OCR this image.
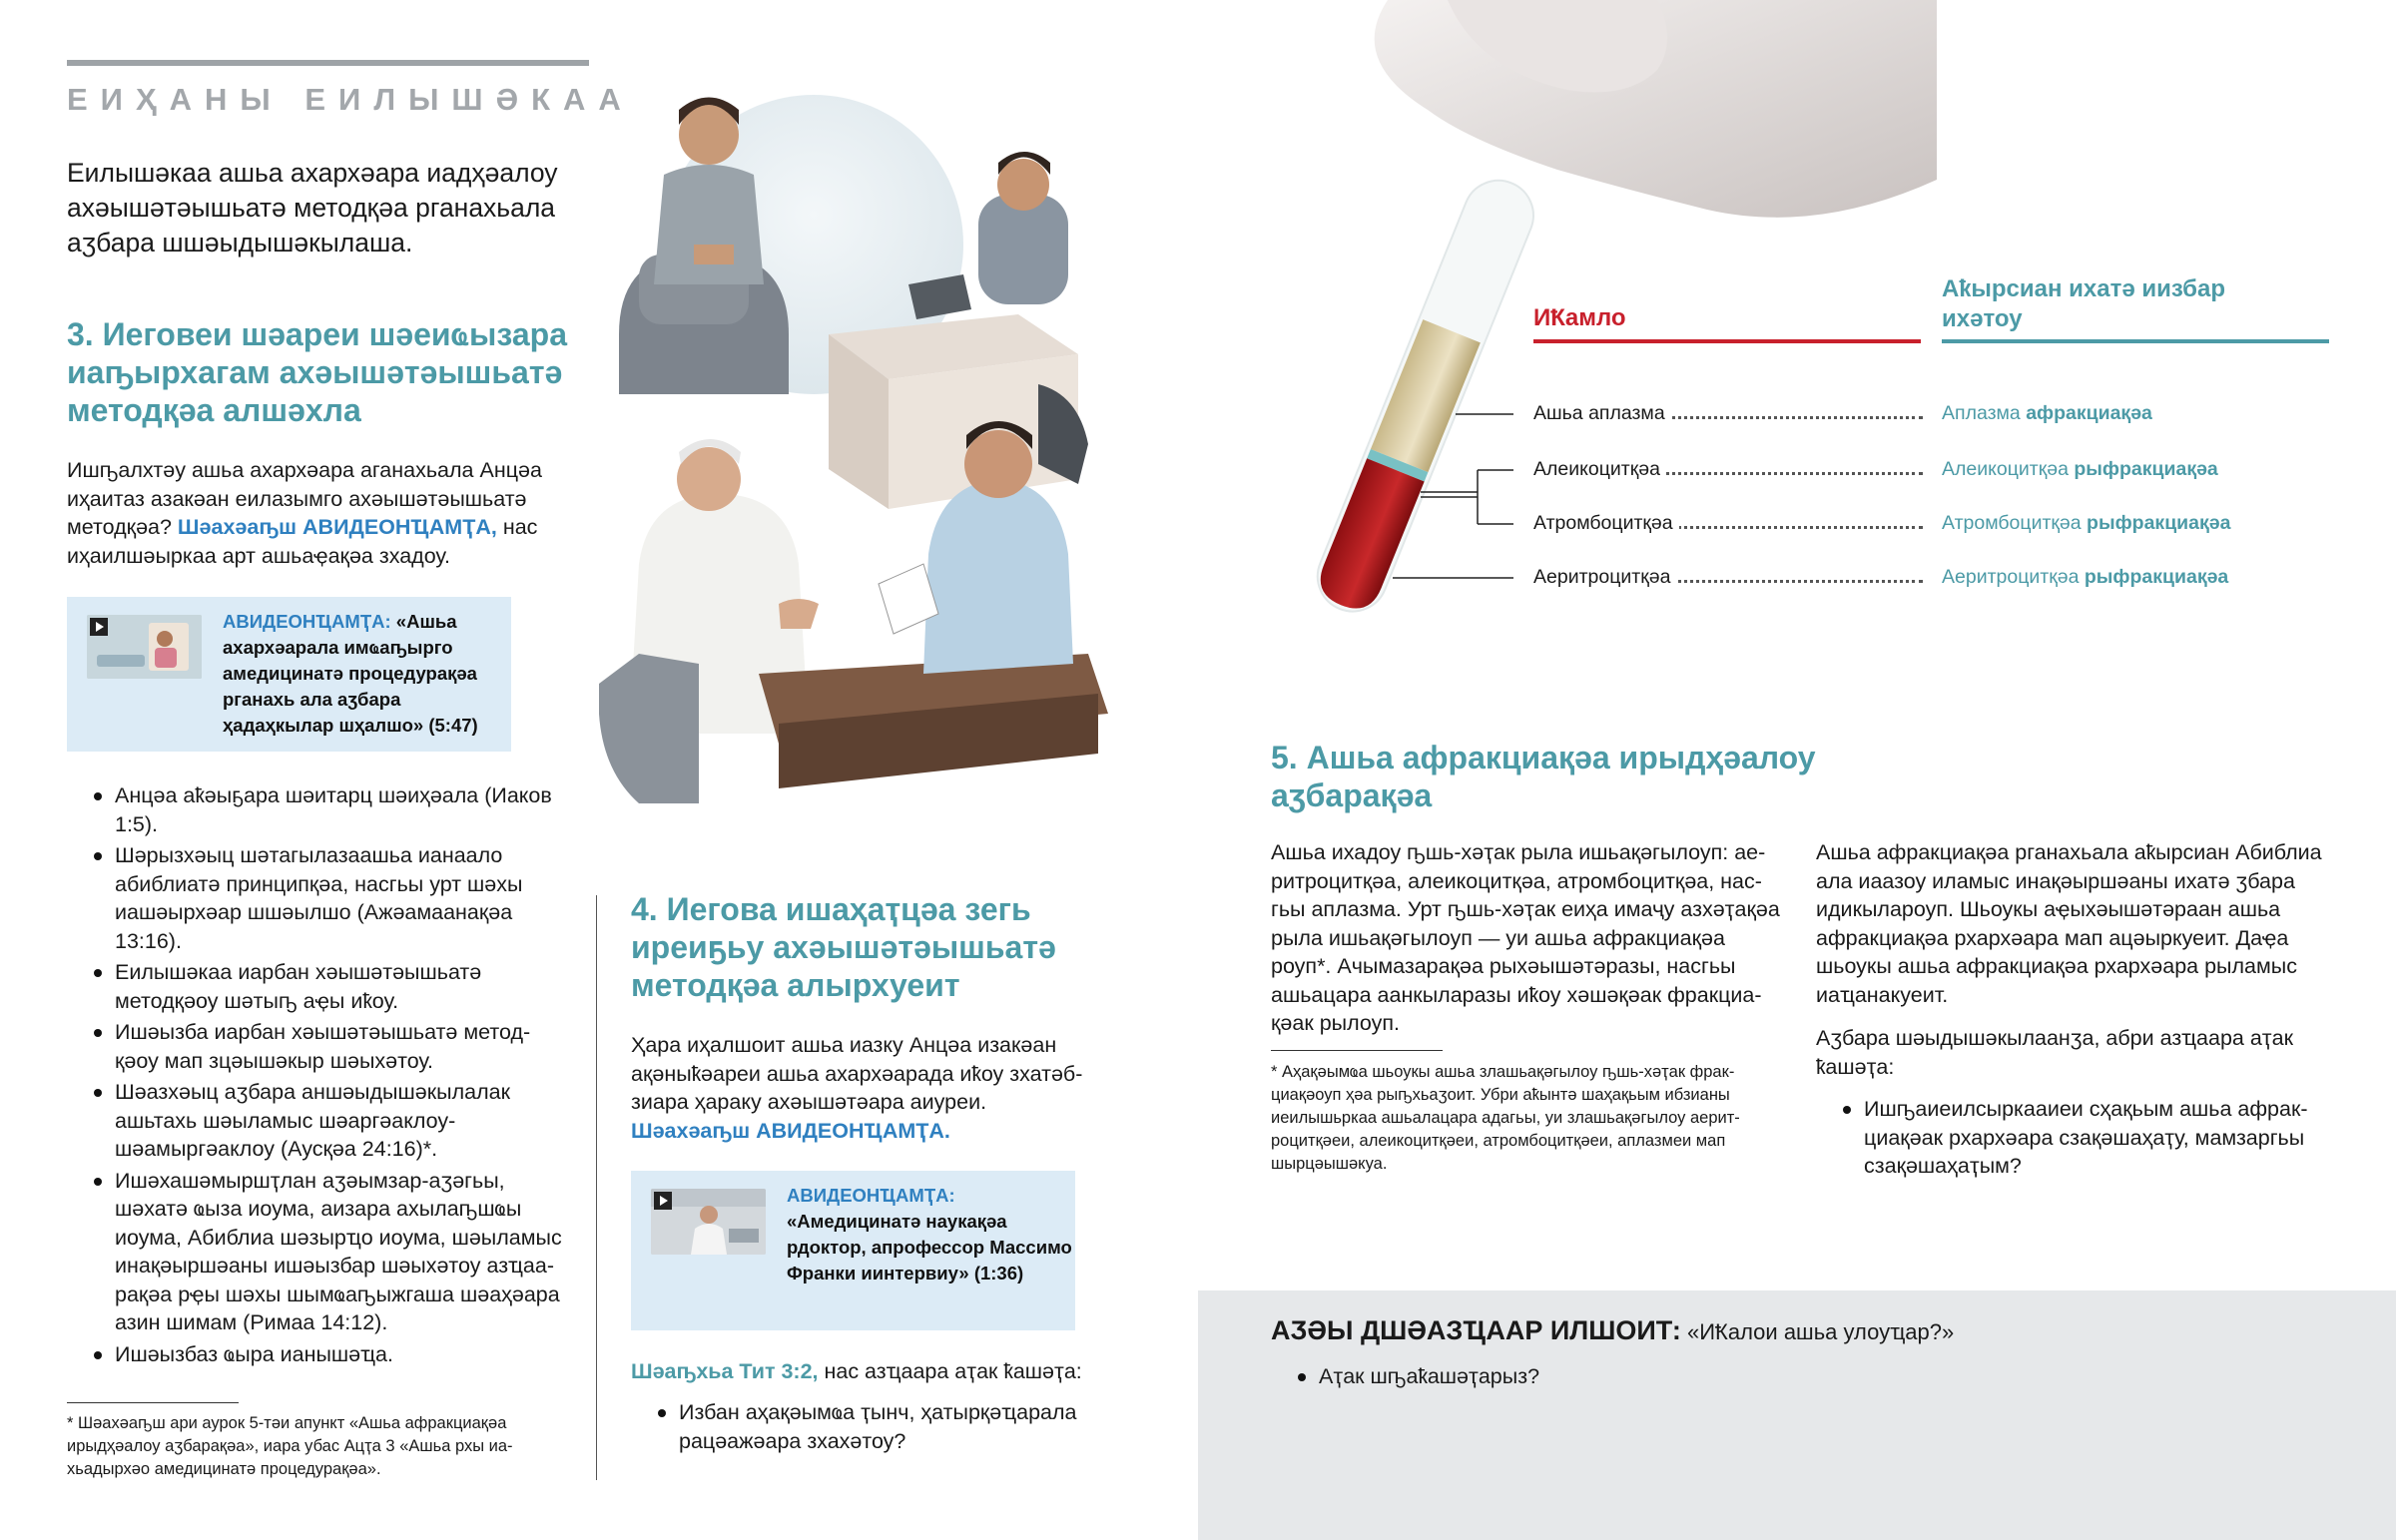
ЕИҲАНЫ ЕИЛЫШӘКАА
Еилышәкаа ашьа ахархәара иадҳәалоу ахәышәтәышьатә методқәа рганахьала аӡбара шшәыдышәкылаша.
3. Иеговеи шәареи шәеиҩызара иаҧырхагам ахәышәтәышьатә методқәа алшәхла
Ишҧалхтәу ашьа ахархәара аганахьала Анцәа иҳаитаз азакәан еилазымго ахәышәтәышьатә методқәа? Шәахәаҧш АВИДЕОНҴАМҬА, нас иҳаилшәыркаа арт ашьаҿақәа зхадоу.
АВИДЕОНҴАМҬА: «Ашьа ахархәарала имҩаҧырго амедицинатә процедурақәа рганахь ала аӡбара ҳадаҳкылар шҳалшо» (5:47)
Анцәа аҟәыҕара шәитарц шәиҳәала (Иаков 1:5).
Шәрызхәыц шәтагылазаашьа ианаало абиблиатә принципқәа, насгьы урт шәхы иашәырхәар шшәылшо (Ажәамаанақәа 13:16).
Еилышәкаа иарбан хәышәтәышьатә методқәоу шәтыҧ аҿы иҟоу.
Ишәызба иарбан хәышәтәышьатә методқәоу мап зцәышәкыр шәыхәтоу.
Шәазхәыц аӡбара аншәыдышәкылалак ашьтахь шәыламыс шәаргәаклоу-шәамыргәаклоу (Аусқәа 24:16)*.
Ишәхашәмыршҭлан аӡәымзар-аӡәгьы, шәхатә ҩыза иоума, аизара ахылаҧшҩы иоума, Абиблиа шәзырҵо иоума, шәыламыс инақәыршәаны ишәызбар шәыхәтоу азҵаарақәа рҿы шәхы шымҩаҧыжгаша шәаҳәара азин шимам (Римаа 14:12).
Ишәызбаз ҩыра ианышәҵа.
* Шәахәаҧш ари аурок 5-тәи апункт «Ашьа афракциақәа ирыдҳәалоу аӡбарақәа», иара убас Ацҭа 3 «Ашьа рхы иахьадырхәо амедицинатә процедурақәа».
4. Иегова ишаҳаҭцәа зегь иреиҕьу ахәышәтәышьатә методқәа алырхуеит
Ҳара иҳалшоит ашьа иазку Анцәа изакәан ақәныҟәареи ашьа ахархәарада иҟоу зхатәбзиара ҳараку ахәышәтәара аиуреи. Шәахәаҧш АВИДЕОНҴАМҬА.
АВИДЕОНҴАМҬА:
«Амедицинатә наукақәа рдоктор, апрофессор Массимо Франки иинтервиу» (1:36)
Шәаҧхьа Тит 3:2, нас азҵаара аҭак ҟашәҭа:
Избан аҳақәымҩа ҭынч, ҳатырқәҵарала рацәажәара зхахәтоу?
ИҞамло
Аҟырсиан ихатә иизбар ихәтоу
Ашьа аплазма	Аплазма афракциақәа
Алеикоцитқәа	Алеикоцитқәа рыфракциақәа
Атромбоцитқәа	Атромбоцитқәа рыфракциақәа
Аеритроцитқәа	Аеритроцитқәа рыфракциақәа
5. Ашьа афракциақәа ирыдҳәалоу аӡбарақәа
Ашьа ихадоу ҧшь-хәҭак рыла ишьақәгылоуп: аеритроцитқәа, алеикоцитқәа, атромбоцитқәа, насгьы аплазма. Урт ҧшь-хәҭак еиҳа имаҷу азхәҭақәа рыла ишьақәгылоуп — уи ашьа афракциақәа роуп*. Ачымазарақәа рыхәышәтәразы, насгьы ашьацара аанкыларазы иҟоу хәшәқәак фракциақәак рылоуп.
* Аҳақәымҩа шьоукы ашьа злашьақәгылоу ҧшь-хәҭак фракциақәоуп ҳәа рыҧхьаӡоит. Убри аҟынтә шаҳақьым ибзианы иеилышьркаа ашьалацара адагьы, уи злашьақәгылоу аеритроцитқәеи, алеикоцитқәеи, атромбоцитқәеи, аплазмеи мап шырцәышәкуа.
Ашьа афракциақәа рганахьала аҟырсиан Абиблиа ала иаазоу иламыс инақәыршәаны ихатә ӡбара идикылароуп. Шьоукы аҿыхәышәтәраан ашьа афракциақәа рхархәара мап ацәыркуеит. Даҿа шьоукы ашьа афракциақәа рхархәара рыламыс иаҵанакуеит.
Аӡбара шәыдышәкылаанӡа, абри азҵаара аҭак ҟашәҭа:
Ишҧаиеилсыркааиеи сҳақьым ашьа афракциақәак рхархәара сзақәшаҳаҭу, мамзаргьы сзақәшаҳаҭым?
АӠӘЫ ДШӘАЗҴААР ИЛШОИТ: «ИҞалои ашьа улоуҵар?»
Аҭак шҧаҟашәҭарыз?
